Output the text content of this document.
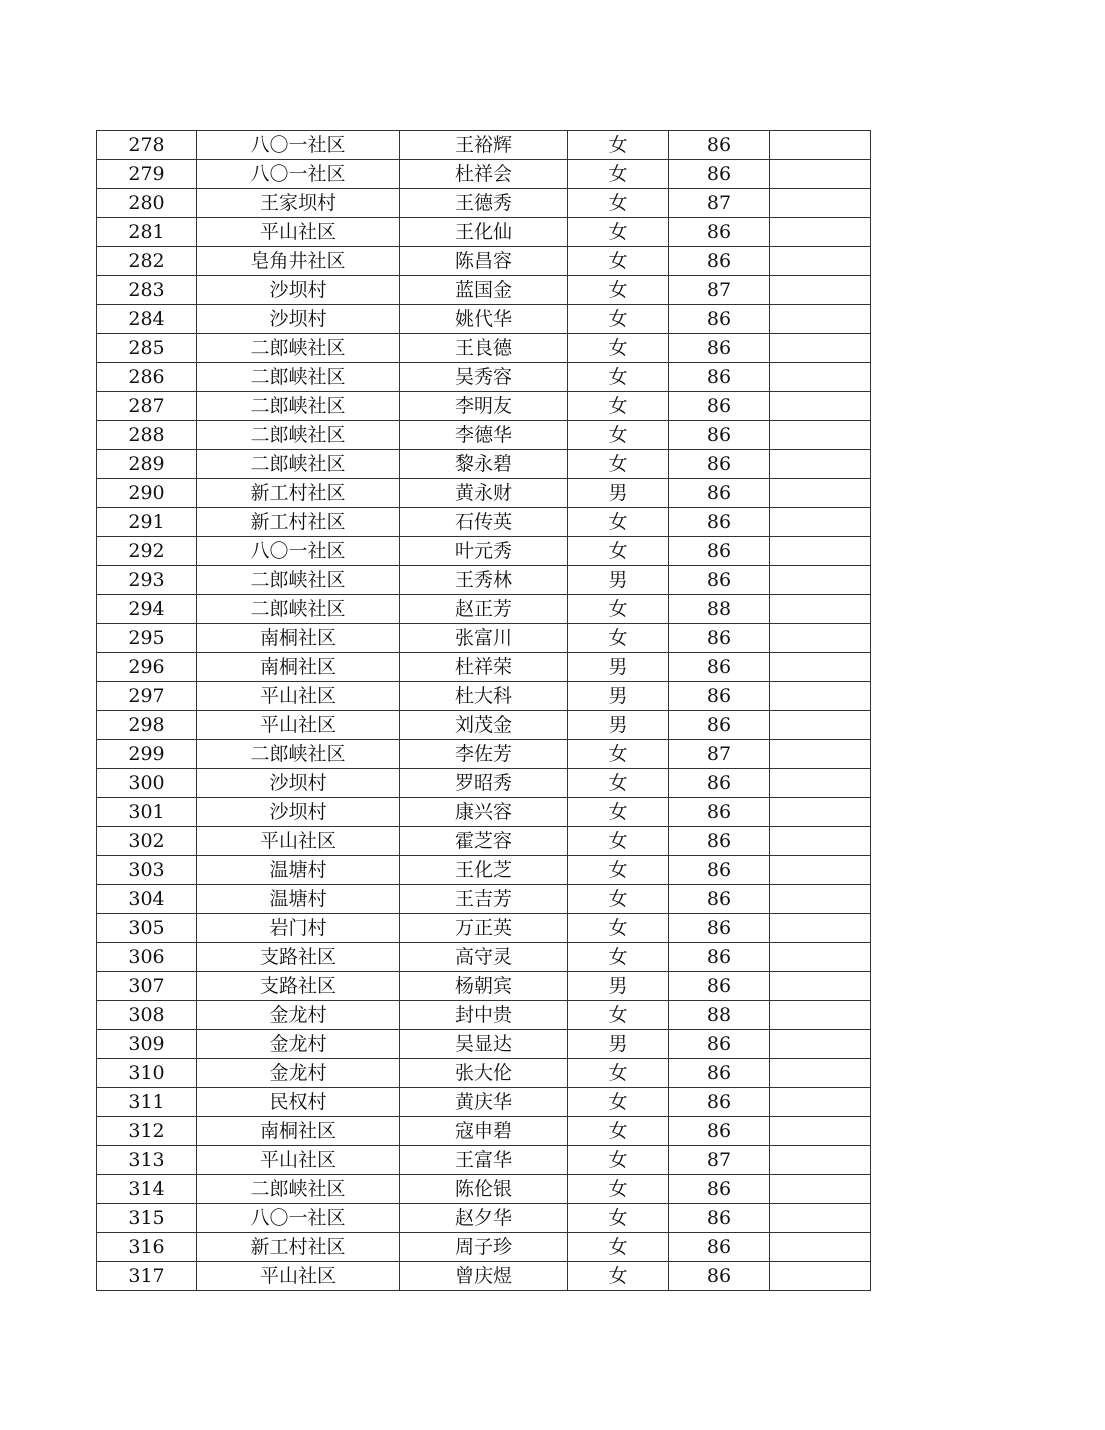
278	八〇一社区	王裕辉	女	86	
279	八〇一社区	杜祥会	女	86	
280	王家坝村	王德秀	女	87	
281	平山社区	王化仙	女	86	
282	皂角井社区	陈昌容	女	86	
283	沙坝村	蓝国金	女	87	
284	沙坝村	姚代华	女	86	
285	二郎峡社区	王良德	女	86	
286	二郎峡社区	吴秀容	女	86	
287	二郎峡社区	李明友	女	86	
288	二郎峡社区	李德华	女	86	
289	二郎峡社区	黎永碧	女	86	
290	新工村社区	黄永财	男	86	
291	新工村社区	石传英	女	86	
292	八〇一社区	叶元秀	女	86	
293	二郎峡社区	王秀林	男	86	
294	二郎峡社区	赵正芳	女	88	
295	南桐社区	张富川	女	86	
296	南桐社区	杜祥荣	男	86	
297	平山社区	杜大科	男	86	
298	平山社区	刘茂金	男	86	
299	二郎峡社区	李佐芳	女	87	
300	沙坝村	罗昭秀	女	86	
301	沙坝村	康兴容	女	86	
302	平山社区	霍芝容	女	86	
303	温塘村	王化芝	女	86	
304	温塘村	王吉芳	女	86	
305	岩门村	万正英	女	86	
306	支路社区	高守灵	女	86	
307	支路社区	杨朝宾	男	86	
308	金龙村	封中贵	女	88	
309	金龙村	吴显达	男	86	
310	金龙村	张大伦	女	86	
311	民权村	黄庆华	女	86	
312	南桐社区	寇申碧	女	86	
313	平山社区	王富华	女	87	
314	二郎峡社区	陈伦银	女	86	
315	八〇一社区	赵夕华	女	86	
316	新工村社区	周子珍	女	86	
317	平山社区	曾庆煜	女	86	
